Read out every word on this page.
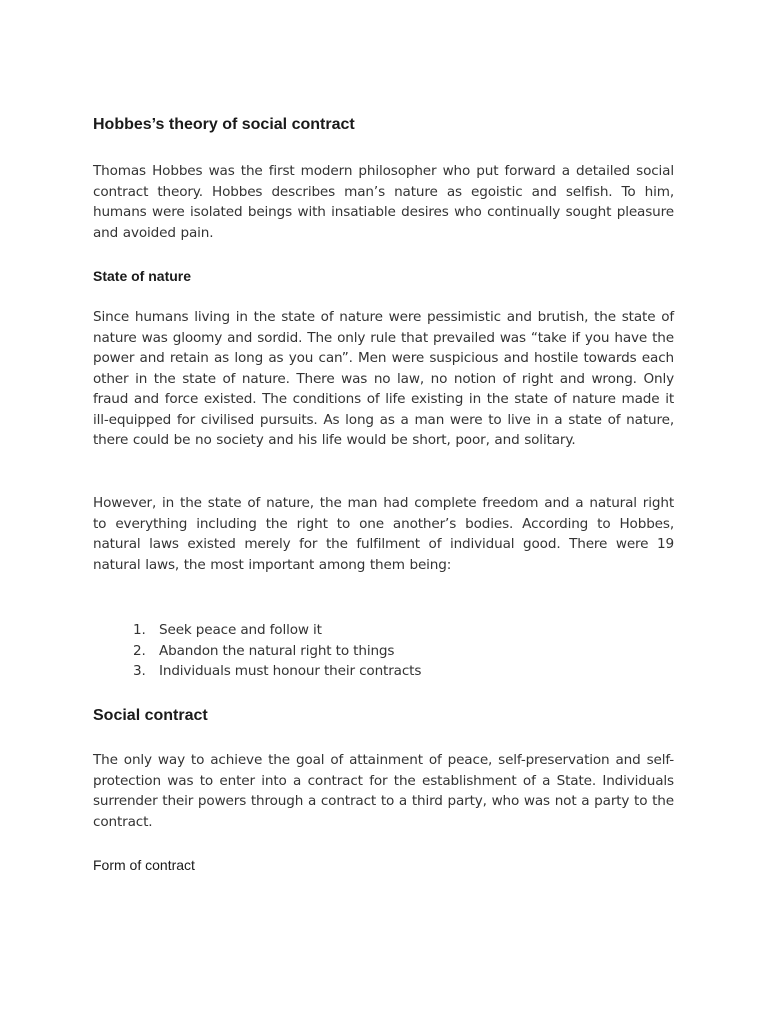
Hobbes’s theory of social contract

Thomas Hobbes was the first modern philosopher who put forward a detailed social contract theory. Hobbes describes man’s nature as egoistic and selfish. To him, humans were isolated beings with insatiable desires who continually sought pleasure and avoided pain.

State of nature

Since humans living in the state of nature were pessimistic and brutish, the state of nature was gloomy and sordid. The only rule that prevailed was “take if you have the power and retain as long as you can”. Men were suspicious and hostile towards each other in the state of nature. There was no law, no notion of right and wrong. Only fraud and force existed. The conditions of life existing in the state of nature made it ill-equipped for civilised pursuits. As long as a man were to live in a state of nature, there could be no society and his life would be short, poor, and solitary.

However, in the state of nature, the man had complete freedom and a natural right to everything including the right to one another’s bodies. According to Hobbes, natural laws existed merely for the fulfilment of individual good. There were 19 natural laws, the most important among them being:

1. Seek peace and follow it
2. Abandon the natural right to things
3. Individuals must honour their contracts
Social contract

The only way to achieve the goal of attainment of peace, self-preservation and self-protection was to enter into a contract for the establishment of a State. Individuals surrender their powers through a contract to a third party, who was not a party to the contract.

Form of contract
